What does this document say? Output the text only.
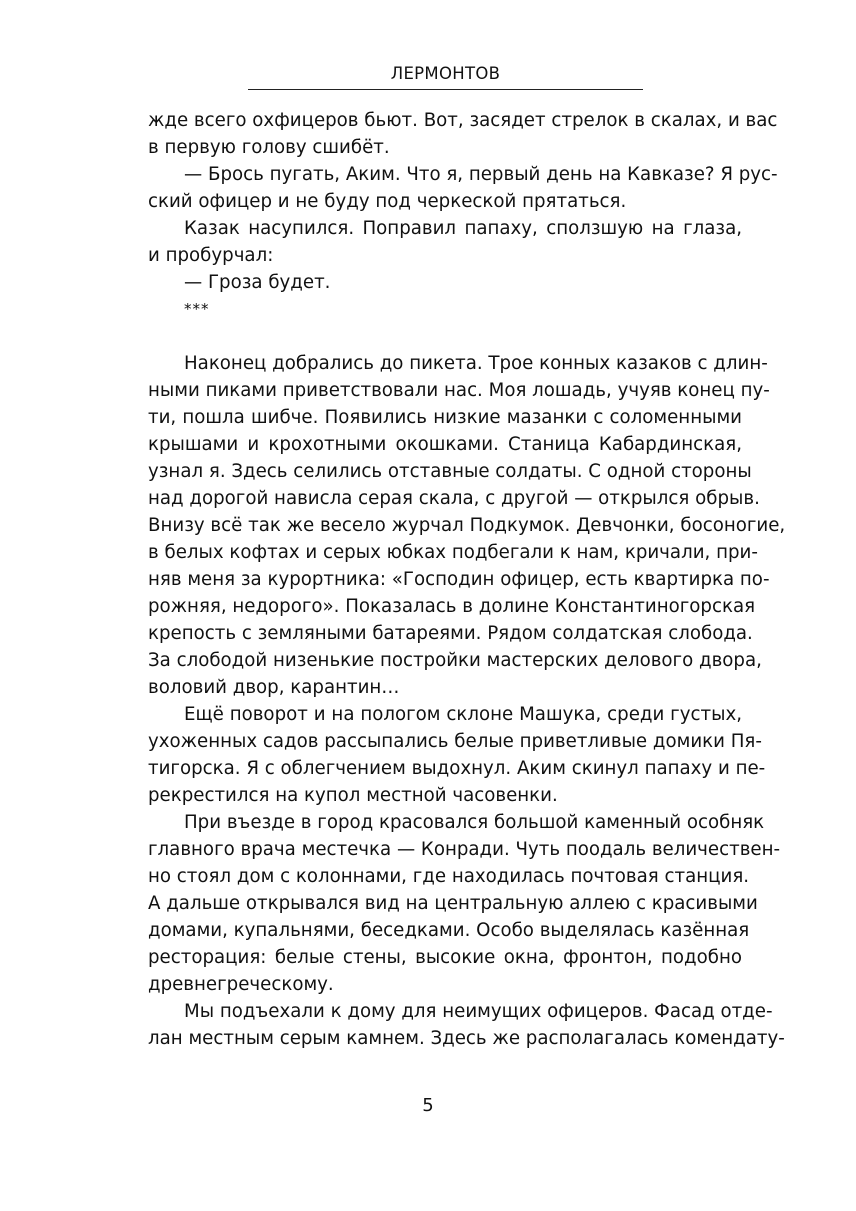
ЛЕРМОНТОВ
жде всего охфицеров бьют. Вот, засядет стрелок в скалах, и вас
в первую голову сшибёт.
— Брось пугать, Аким. Что я, первый день на Кавказе? Я рус-
ский офицер и не буду под черкеской прятаться.
Казак насупился. Поправил папаху, сползшую на глаза,
и пробурчал:
— Гроза будет.
***
Наконец добрались до пикета. Трое конных казаков с длин-
ными пиками приветствовали нас. Моя лошадь, учуяв конец пу-
ти, пошла шибче. Появились низкие мазанки с соломенными
крышами и крохотными окошками. Станица Кабардинская,
узнал я. Здесь селились отставные солдаты. С одной стороны
над дорогой нависла серая скала, с другой — открылся обрыв.
Внизу всё так же весело журчал Подкумок. Девчонки, босоногие,
в белых кофтах и серых юбках подбегали к нам, кричали, при-
няв меня за курортника: «Господин офицер, есть квартирка по-
рожняя, недорого». Показалась в долине Константиногорская
крепость с земляными батареями. Рядом солдатская слобода.
За слободой низенькие постройки мастерских делового двора,
воловий двор, карантин…
Ещё поворот и на пологом склоне Машука, среди густых,
ухоженных садов рассыпались белые приветливые домики Пя-
тигорска. Я с облегчением выдохнул. Аким скинул папаху и пе-
рекрестился на купол местной часовенки.
При въезде в город красовался большой каменный особняк
главного врача местечка — Конради. Чуть поодаль величествен-
но стоял дом с колоннами, где находилась почтовая станция.
А дальше открывался вид на центральную аллею с красивыми
домами, купальнями, беседками. Особо выделялась казённая
ресторация: белые стены, высокие окна, фронтон, подобно
древнегреческому.
Мы подъехали к дому для неимущих офицеров. Фасад отде-
лан местным серым камнем. Здесь же располагалась комендату-
5
